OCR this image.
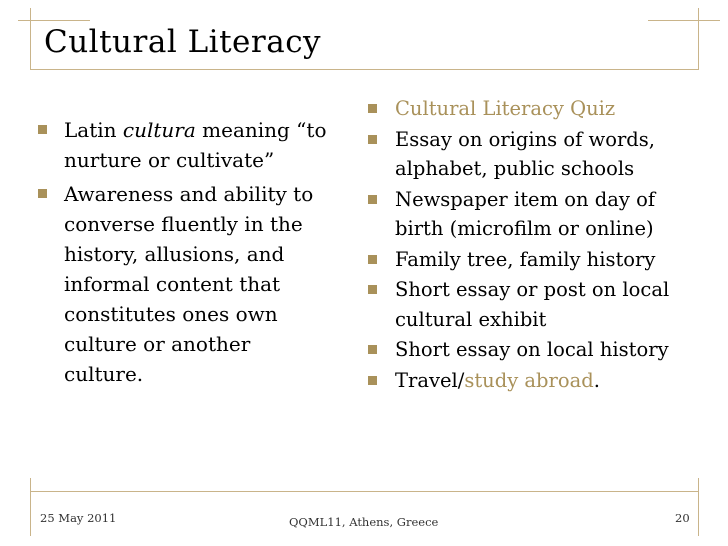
Cultural Literacy
Latin cultura meaning “to nurture or cultivate”
Awareness and ability to converse fluently in the history, allusions, and informal content that constitutes ones own culture or another culture.
Cultural Literacy Quiz
Essay on origins of words, alphabet, public schools
Newspaper item on day of birth (microfilm or online)
Family tree, family history
Short essay or post on local cultural exhibit
Short essay on local history
Travel/study abroad.
25 May 2011	QQML11, Athens, Greece	20
